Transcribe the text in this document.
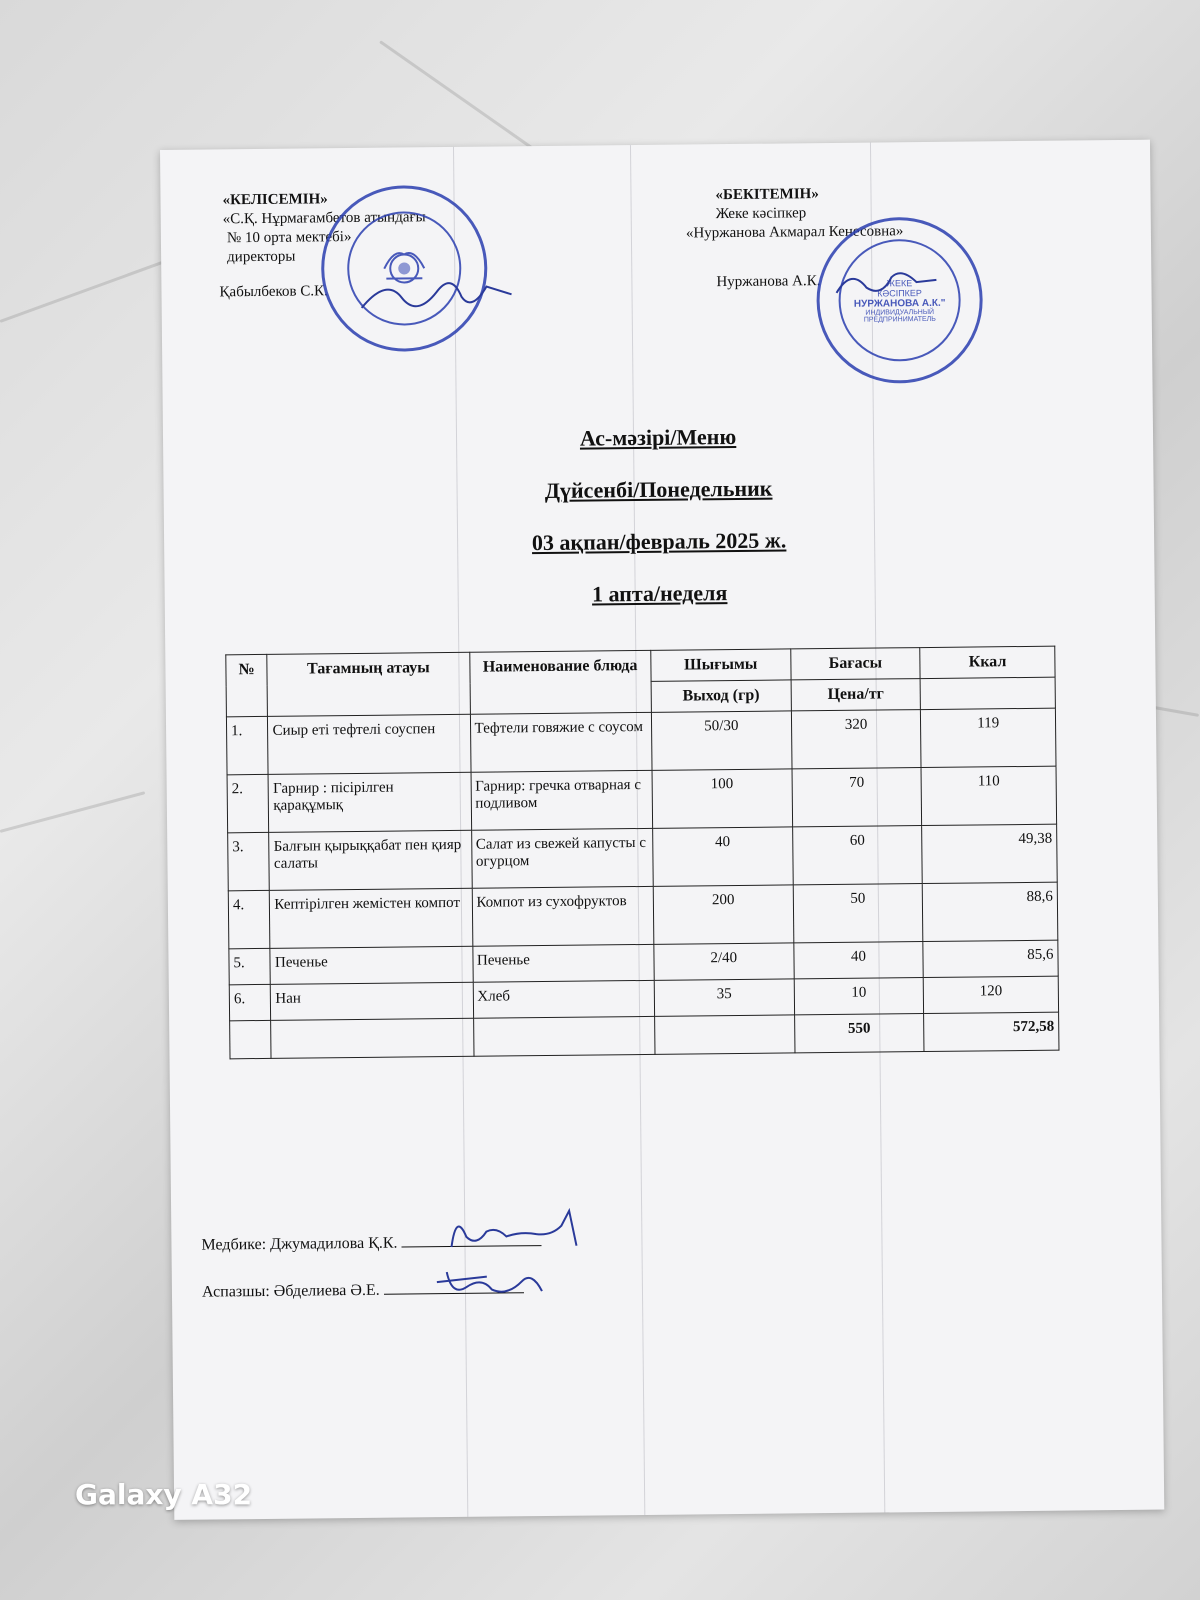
«КЕЛІСЕМІН»
«С.Қ. Нұрмағамбетов атындағы
№ 10 орта мектебі»
директоры
Қабылбеков С.К.
«БЕКІТЕМІН»
Жеке кәсіпкер
«Нуржанова Акмарал Кенесовна»
Нуржанова А.К.	ЖЕКЕ
КӘСІПКЕР
НУРЖАНОВА А.К."
ИНДИВИДУАЛЬНЫЙ
ПРЕДПРИНИМАТЕЛЬ
Ас-мәзірі/Меню
Дүйсенбі/Понедельник
03 ақпан/февраль 2025 ж.
1 апта/неделя
№	Тағамның атауы	Наименование блюда	Шығымы	Бағасы	Ккал
			Выход (гр)	Цена/тг	
1.	Сиыр еті тефтелі соуспен	Тефтели говяжие с соусом	50/30	320	119
2.	Гарнир : пісірілген қарақұмық	Гарнир: гречка отварная с подливом	100	70	110
3.	Балғын қырыққабат пен қияр салаты	Салат из свежей капусты с огурцом	40	60	49,38
4.	Кептірілген жемістен компот	Компот из сухофруктов	200	50	88,6
5.	Печенье	Печенье	2/40	40	85,6
6.	Нан	Хлеб	35	10	120
				550	572,58
Медбике: Джумадилова Қ.К.
Аспазшы: Әбделиева Ә.Е.
Galaxy A32
